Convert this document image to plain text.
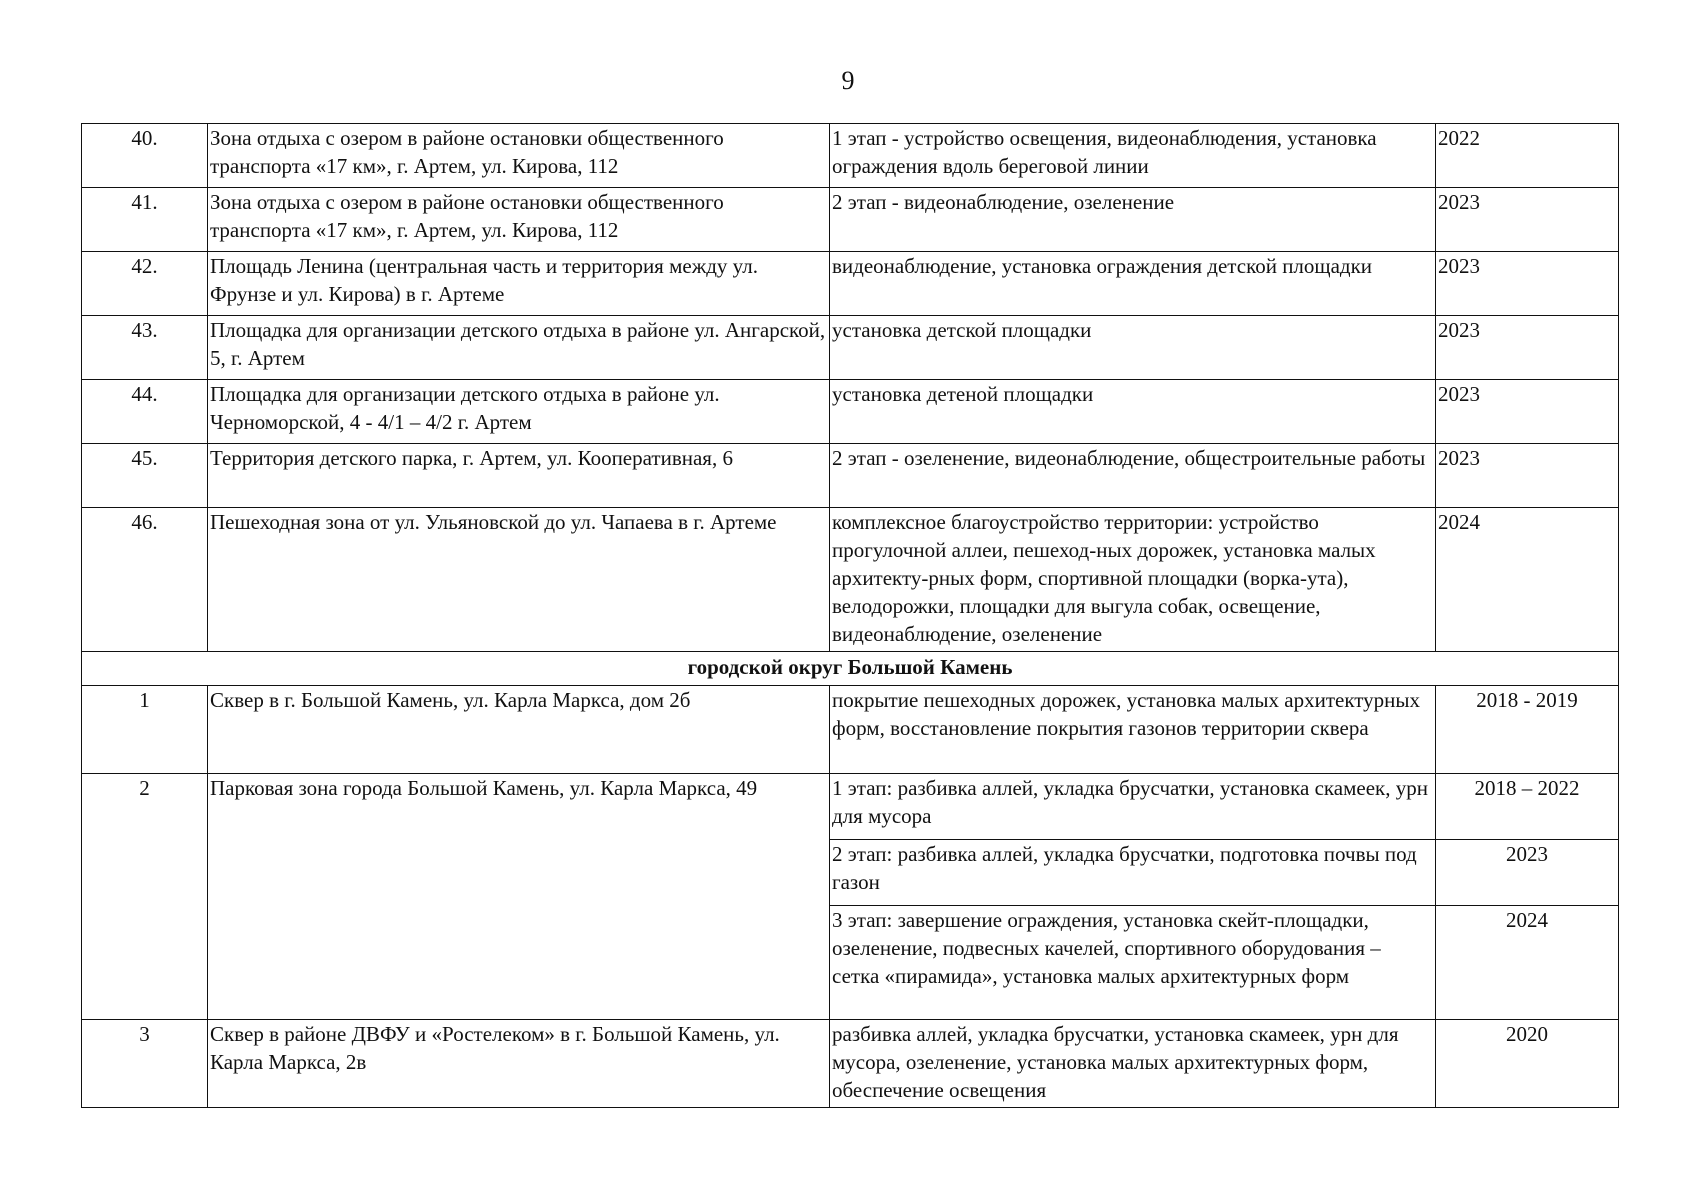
9
40.	Зона отдыха с озером в районе остановки общественного транспорта «17 км», г. Артем, ул. Кирова, 112	1 этап - устройство освещения, видеонаблюдения, установка ограждения вдоль береговой линии	2022
41.	Зона отдыха с озером в районе остановки общественного транспорта «17 км», г. Артем, ул. Кирова, 112	2 этап - видеонаблюдение, озеленение	2023
42.	Площадь Ленина (центральная часть и территория между ул. Фрунзе и ул. Кирова) в г. Артеме	видеонаблюдение, установка ограждения детской площадки	2023
43.	Площадка для организации детского отдыха в районе ул. Ангарской, 5, г. Артем	установка детской площадки	2023
44.	Площадка для организации детского отдыха в районе ул. Черноморской, 4 - 4/1 – 4/2 г. Артем	установка детеной площадки	2023
45.	Территория детского парка, г. Артем, ул. Кооперативная, 6	2 этап - озеленение, видеонаблюдение, общестроительные работы	2023
46.	Пешеходная зона от ул. Ульяновской до ул. Чапаева в г. Артеме	комплексное благоустройство территории: устройство прогулочной аллеи, пешеход-ных дорожек, установка малых архитекту-рных форм, спортивной площадки (ворка-ута), велодорожки, площадки для выгула собак, освещение, видеонаблюдение, озеленение	2024
городской округ Большой Камень			
1	Сквер в г. Большой Камень, ул. Карла Маркса, дом 2б	покрытие пешеходных дорожек, установка малых архитектурных форм, восстановление покрытия газонов территории сквера	2018 - 2019
2	Парковая зона города Большой Камень, ул. Карла Маркса, 49	1 этап: разбивка аллей, укладка брусчатки, установка скамеек, урн для мусора	2018 – 2022
		2 этап: разбивка аллей, укладка брусчатки, подготовка почвы под газон	2023
		3 этап: завершение ограждения, установка скейт-площадки, озеленение, подвесных качелей, спортивного оборудования – сетка «пирамида», установка малых архитектурных форм	2024
3	Сквер в районе ДВФУ и «Ростелеком» в г. Большой Камень, ул. Карла Маркса, 2в	разбивка аллей, укладка брусчатки, установка скамеек, урн для мусора, озеленение, установка малых архитектурных форм, обеспечение освещения	2020
